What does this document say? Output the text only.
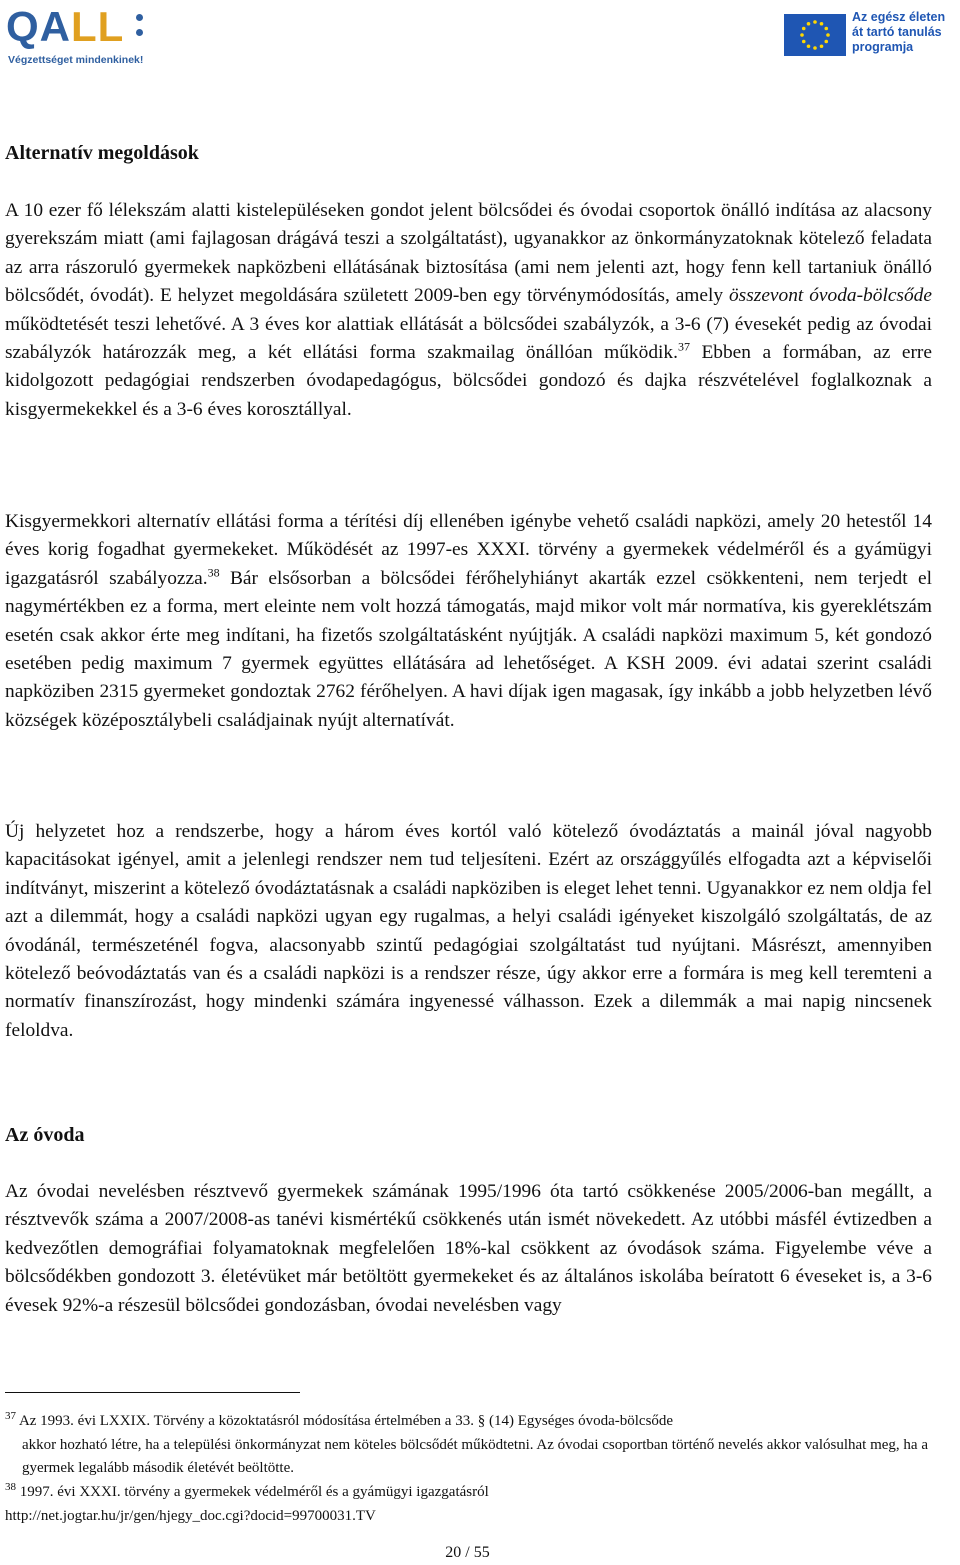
QALL
Végzettséget mindenkinek!
Az egész életen
át tartó tanulás
programja
Alternatív megoldások

A 10 ezer fő lélekszám alatti kistelepüléseken gondot jelent bölcsődei és óvodai csoportok önálló indítása az alacsony gyerekszám miatt (ami fajlagosan drágává teszi a szolgáltatást), ugyanakkor az önkormányzatoknak kötelező feladata az arra rászoruló gyermekek napközbeni ellátásának biztosítása (ami nem jelenti azt, hogy fenn kell tartaniuk önálló bölcsődét, óvodát). E helyzet megoldására született 2009-ben egy törvénymódosítás, amely összevont óvoda-bölcsőde működtetését teszi lehetővé. A 3 éves kor alattiak ellátását a bölcsődei szabályzók, a 3-6 (7) évesekét pedig az óvodai szabályzók határozzák meg, a két ellátási forma szakmailag önállóan működik.$^{37}$ Ebben a formában, az erre kidolgozott pedagógiai rendszerben óvodapedagógus, bölcsődei gondozó és dajka részvételével foglalkoznak a kisgyermekekkel és a 3-6 éves korosztállyal.

Kisgyermekkori alternatív ellátási forma a térítési díj ellenében igénybe vehető családi napközi, amely 20 hetestől 14 éves korig fogadhat gyermekeket. Működését az 1997-es XXXI. törvény a gyermekek védelméről és a gyámügyi igazgatásról szabályozza.$^{38}$ Bár elsősorban a bölcsődei férőhelyhiányt akarták ezzel csökkenteni, nem terjedt el nagymértékben ez a forma, mert eleinte nem volt hozzá támogatás, majd mikor volt már normatíva, kis gyereklétszám esetén csak akkor érte meg indítani, ha fizetős szolgáltatásként nyújtják. A családi napközi maximum 5, két gondozó esetében pedig maximum 7 gyermek együttes ellátására ad lehetőséget. A KSH 2009. évi adatai szerint családi napköziben 2315 gyermeket gondoztak 2762 férőhelyen. A havi díjak igen magasak, így inkább a jobb helyzetben lévő községek középosztálybeli családjainak nyújt alternatívát.

Új helyzetet hoz a rendszerbe, hogy a három éves kortól való kötelező óvodáztatás a mainál jóval nagyobb kapacitásokat igényel, amit a jelenlegi rendszer nem tud teljesíteni. Ezért az országgyűlés elfogadta azt a képviselői indítványt, miszerint a kötelező óvodáztatásnak a családi napköziben is eleget lehet tenni. Ugyanakkor ez nem oldja fel azt a dilemmát, hogy a családi napközi ugyan egy rugalmas, a helyi családi igényeket kiszolgáló szolgáltatás, de az óvodánál, természeténél fogva, alacsonyabb szintű pedagógiai szolgáltatást tud nyújtani. Másrészt, amennyiben kötelező beóvodáztatás van és a családi napközi is a rendszer része, úgy akkor erre a formára is meg kell teremteni a normatív finanszírozást, hogy mindenki számára ingyenessé válhasson. Ezek a dilemmák a mai napig nincsenek feloldva.

Az óvoda

Az óvodai nevelésben résztvevő gyermekek számának 1995/1996 óta tartó csökkenése 2005/2006-ban megállt, a résztvevők száma a 2007/2008-as tanévi kismértékű csökkenés után ismét növekedett. Az utóbbi másfél évtizedben a kedvezőtlen demográfiai folyamatoknak megfelelően 18%-kal csökkent az óvodások száma. Figyelembe véve a bölcsődékben gondozott 3. életévüket már betöltött gyermekeket és az általános iskolába beíratott 6 éveseket is, a 3-6 évesek 92%-a részesül bölcsődei gondozásban, óvodai nevelésben vagy

$^{37}$ Az 1993. évi LXXIX. Törvény a közoktatásról módosítása értelmében a 33. § (14) Egységes óvoda-bölcsőde
akkor hozható létre, ha a települési önkormányzat nem köteles bölcsődét működtetni. Az óvodai csoportban történő nevelés akkor valósulhat meg, ha a gyermek legalább második életévét beöltötte.
$^{38}$ 1997. évi XXXI. törvény a gyermekek védelméről és a gyámügyi igazgatásról
http://net.jogtar.hu/jr/gen/hjegy_doc.cgi?docid=99700031.TV
20 / 55
